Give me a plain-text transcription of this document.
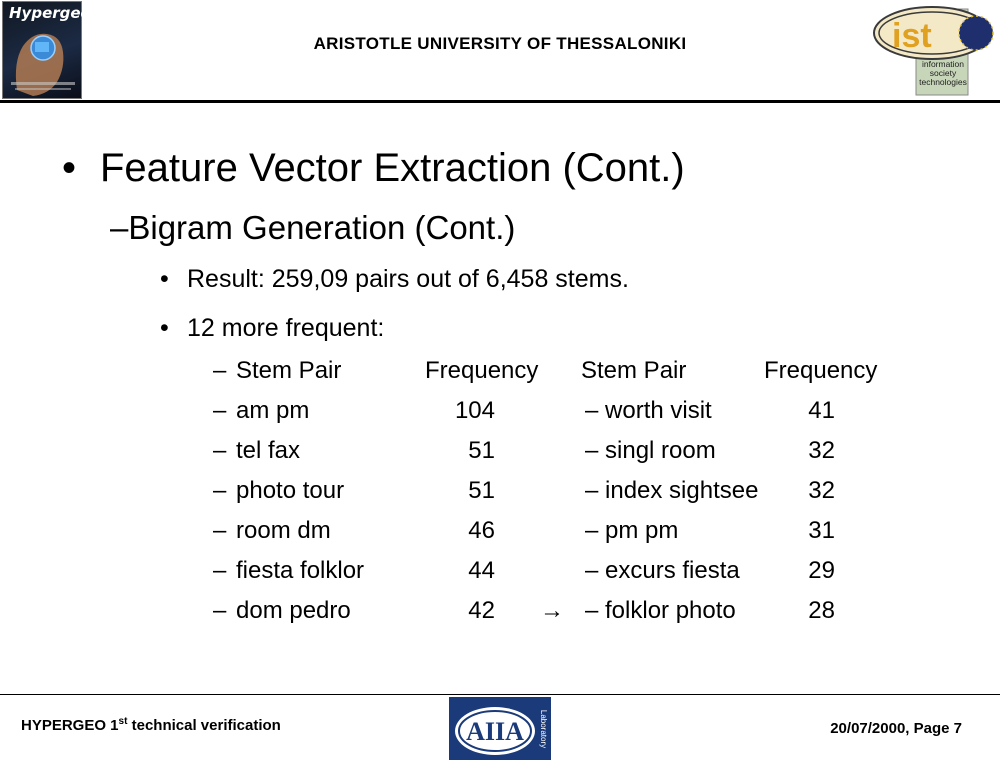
Hypergeo
ARISTOTLE UNIVERSITY OF THESSALONIKI	ist
information society technologies
• Feature Vector Extraction (Cont.)
–Bigram Generation (Cont.)
• Result: 259,09 pairs out of 6,458 stems.
• 12 more frequent:
– Stem Pair	Frequency Stem Pair	Frequency
– am pm	104	– worth visit	41
– tel fax	51	– singl room	32
– photo tour	51	– index sightsee 32
– room dm	46	– pm pm	31
– fiesta folklor	44	– excurs fiesta	29
– dom pedro	42 → – folklor photo	28
HYPERGEO 1st technical verification	AIIA Laboratory	20/07/2000, Page 7
